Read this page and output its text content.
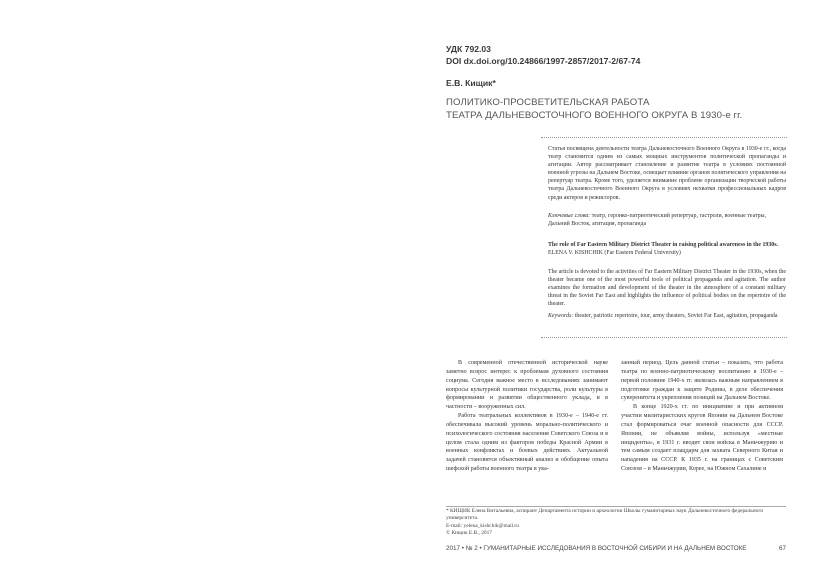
УДК 792.03
DOI dx.doi.org/10.24866/1997-2857/2017-2/67-74
Е.В. Кищик*
ПОЛИТИКО-ПРОСВЕТИТЕЛЬСКАЯ РАБОТА
ТЕАТРА ДАЛЬНЕВОСТОЧНОГО ВОЕННОГО ОКРУГА В 1930-е гг.
Статья посвящена деятельности театра Дальневосточного Военного Округа в 1930-е гг., когда театр становится одним из самых мощных инструментов политической пропаганды и агитации. Автор рассматривает становление и развитие театра в условиях постоянной военной угрозы на Дальнем Востоке, освещает влияние органов политического управления на репертуар театра. Кроме того, уделяется внимание проблеме организации творческой работы театра Дальневосточного Военного Округа в условиях нехватки профессиональных кадров среди актеров и режиссеров.
Ключевые слова: театр, героико-патриотический репертуар, гастроли, военные театры, Дальний Восток, агитация, пропаганда
The role of Far Eastern Military District Theater in raising political awareness in the 1930s. ELENA V. KISHCHIK (Far Eastern Federal University)
The article is devoted to the activities of Far Eastern Military District Theater in the 1930s, when the theater became one of the most powerful tools of political propaganda and agitation. The author examines the formation and development of the theater in the atmosphere of a constant military threat in the Soviet Far East and highlights the influence of political bodies on the repertoire of the theater.
Keywords: theater, patriotic repertoire, tour, army theaters, Soviet Far East, agitation, propaganda

В современной отечественной исторической науке заметно возрос интерес к проблемам духовного состояния социума. Сегодня важное место в исследованиях занимают вопросы культурной политики государства, роли культуры в формировании и развитии общественного уклада, и в частности – вооруженных сил.

Работа театральных коллективов в 1930-е – 1940-е гг. обеспечивала высокий уровень морально-политического и психологического состояния населения Советского Союза и в целом стала одним из факторов победы Красной Армии в военных конфликтах и боевых действиях. Актуальной задачей становится объективный анализ и обобщение опыта шефской работы военного театра в ука-

занный период. Цель данной статьи – показать, что работа театра по военно-патриотическому воспитанию в 1930-е – первой половине 1940-х гг. являлась важным направлением в подготовке граждан к защите Родины, в деле обеспечения суверенитета и укрепления позиций на Дальнем Востоке.

В конце 1920-х гг. по инициативе и при активном участии милитаристских кругов Японии на Дальнем Востоке стал формироваться очаг военной опасности для СССР. Японии, не объявляя войны, используя «местные инциденты», в 1931 г. вводит свои войска в Маньчжурию и тем самым создает плацдарм для захвата Северного Китая и нападения на СССР. К 1935 г. на границах с Советским Союзом – в Маньчжурии, Корее, на Южном Сахалине и

* КИЩИК Елена Витальевна, аспирант Департамента истории и археологии Школы гуманитарных наук Дальневосточного федерального университета.

E-mail: yelena_kishchik@mail.ru

© Кищик Е.В., 2017

2017 • № 2 • ГУМАНИТАРНЫЕ ИССЛЕДОВАНИЯ В ВОСТОЧНОЙ СИБИРИ И НА ДАЛЬНЕМ ВОСТОКЕ	67
